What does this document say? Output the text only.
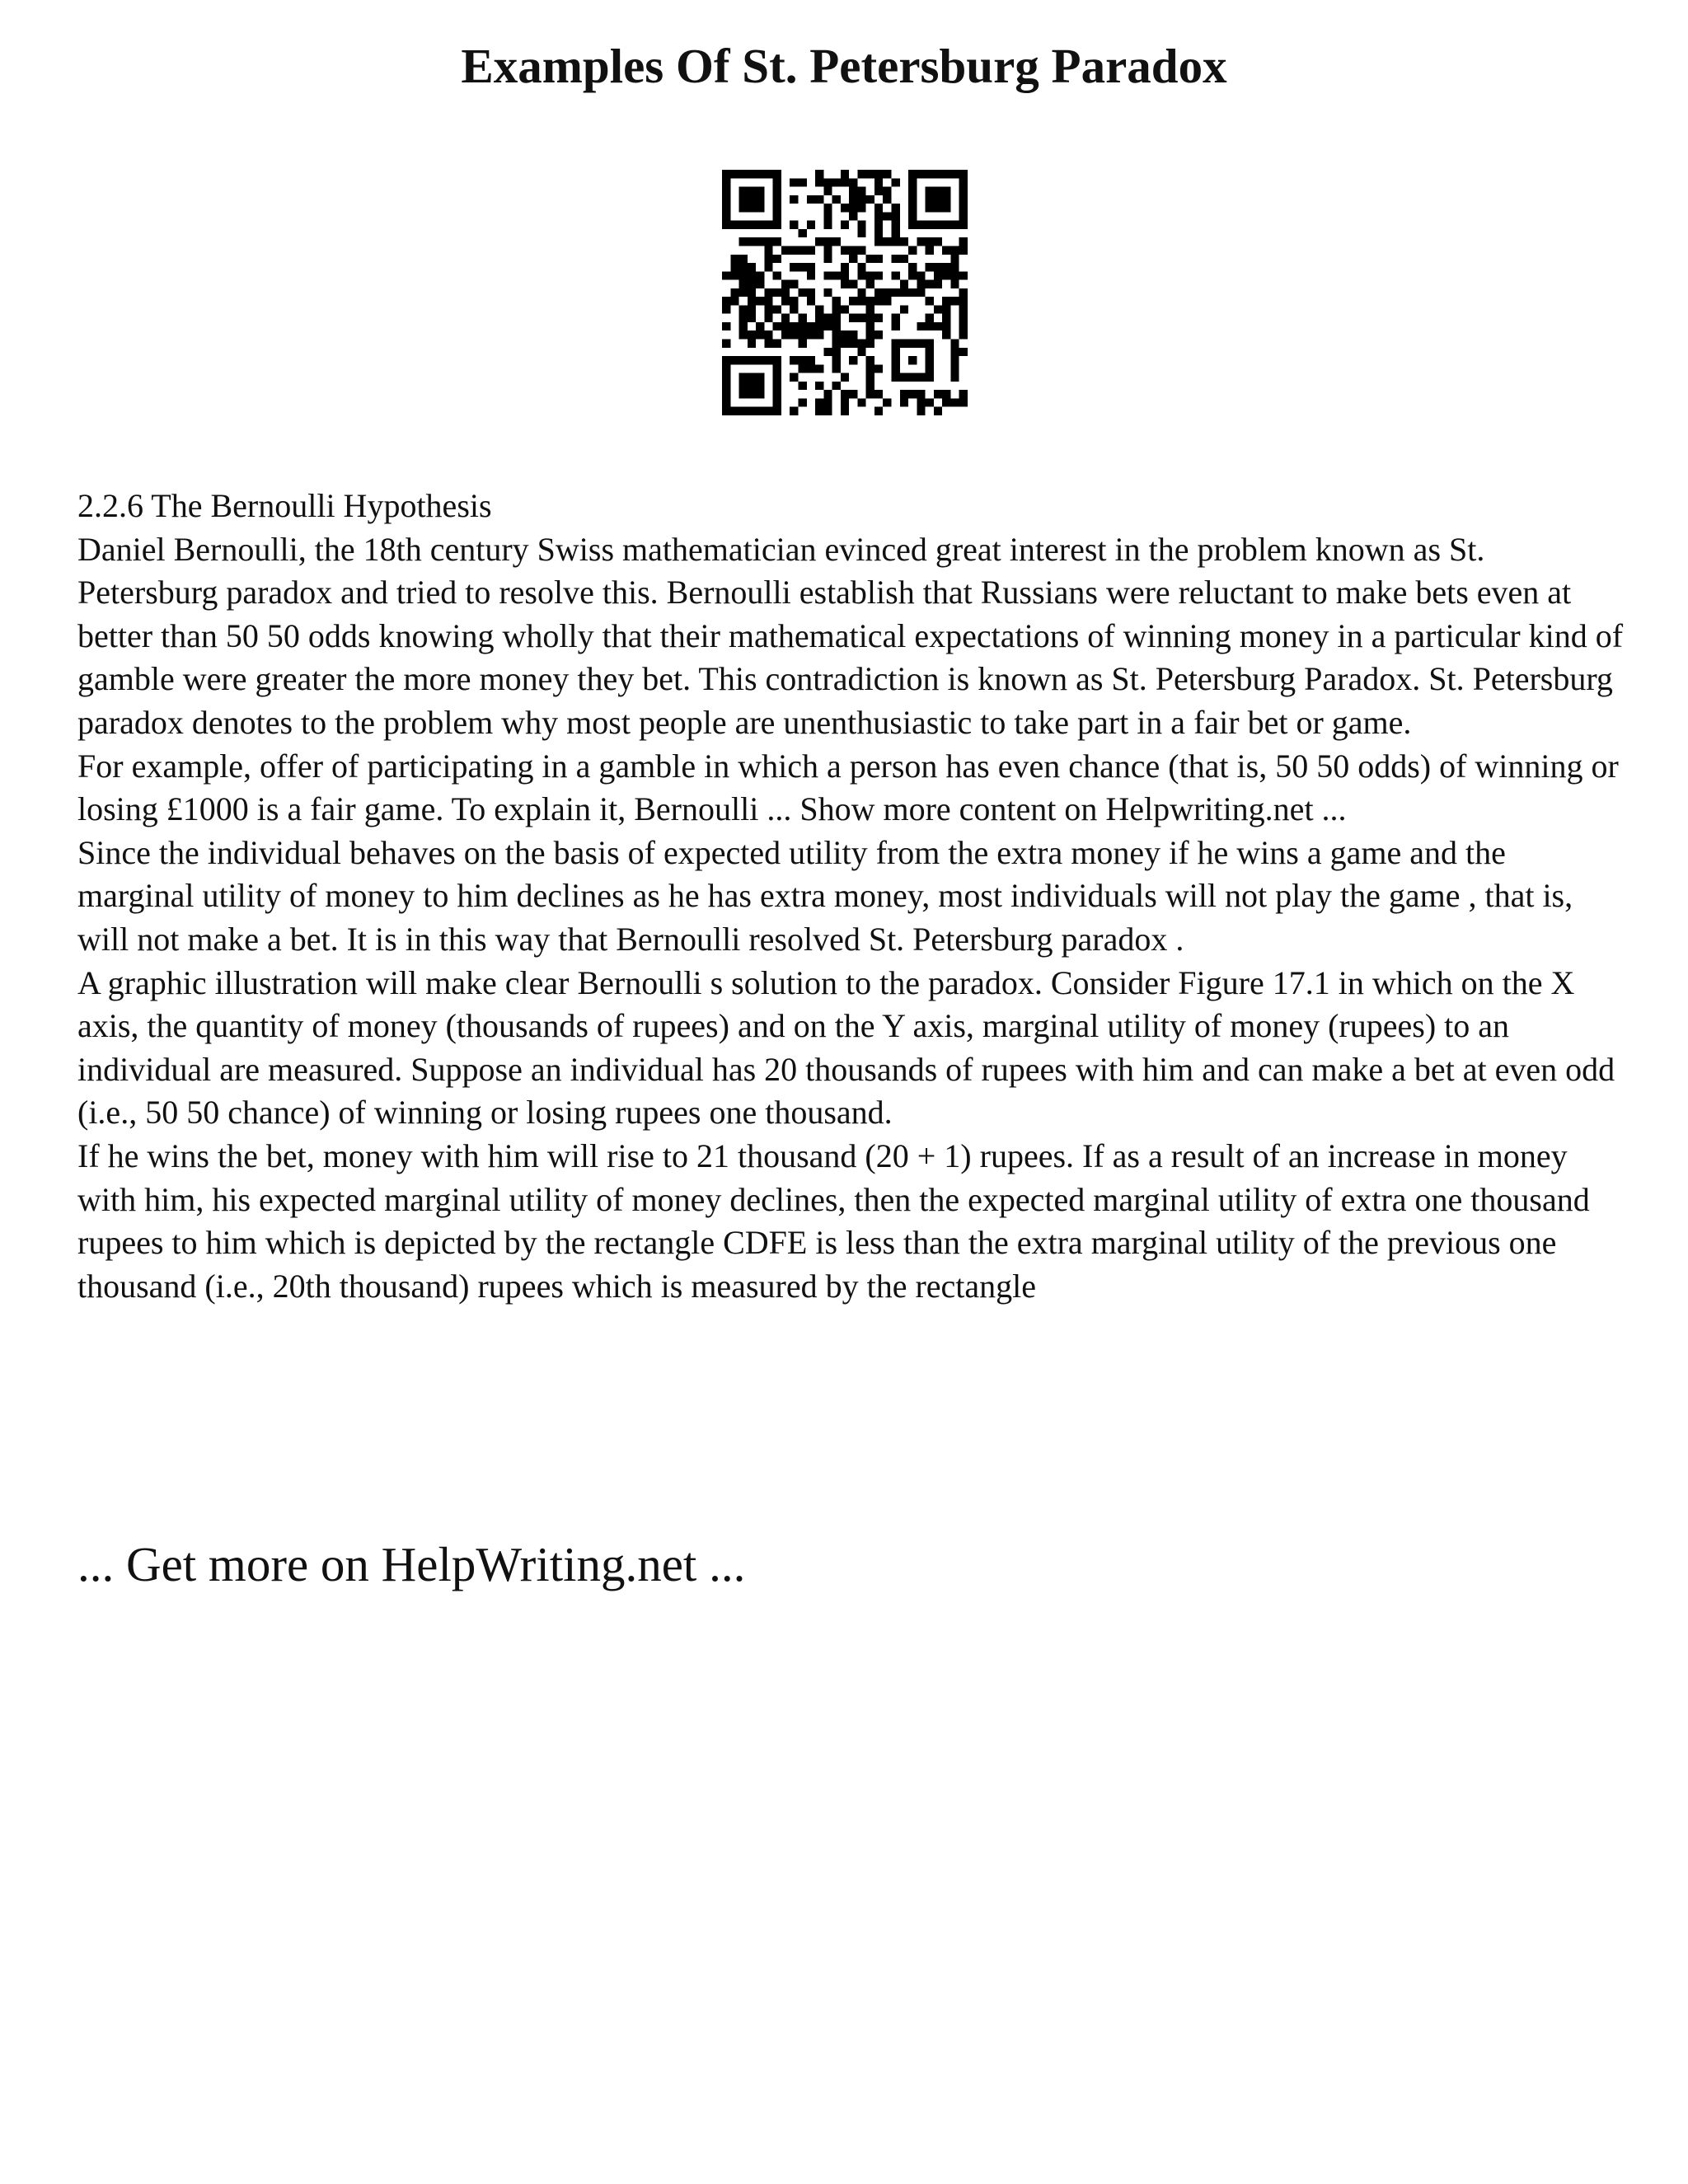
Examples Of St. Petersburg Paradox

2.2.6 The Bernoulli Hypothesis

Daniel Bernoulli, the 18th century Swiss mathematician evinced great interest in the problem known as St. Petersburg paradox and tried to resolve this. Bernoulli establish that Russians were reluctant to make bets even at better than 50 50 odds knowing wholly that their mathematical expectations of winning money in a particular kind of gamble were greater the more money they bet. This contradiction is known as St. Petersburg Paradox. St. Petersburg paradox denotes to the problem why most people are unenthusiastic to take part in a fair bet or game.

For example, offer of participating in a gamble in which a person has even chance (that is, 50 50 odds) of winning or losing £1000 is a fair game. To explain it, Bernoulli ... Show more content on Helpwriting.net ...

Since the individual behaves on the basis of expected utility from the extra money if he wins a game and the marginal utility of money to him declines as he has extra money, most individuals will not play the game , that is, will not make a bet. It is in this way that Bernoulli resolved St. Petersburg paradox .

A graphic illustration will make clear Bernoulli s solution to the paradox. Consider Figure 17.1 in which on the X axis, the quantity of money (thousands of rupees) and on the Y axis, marginal utility of money (rupees) to an individual are measured. Suppose an individual has 20 thousands of rupees with him and can make a bet at even odd (i.e., 50 50 chance) of winning or losing rupees one thousand.

If he wins the bet, money with him will rise to 21 thousand (20 + 1) rupees. If as a result of an increase in money with him, his expected marginal utility of money declines, then the expected marginal utility of extra one thousand rupees to him which is depicted by the rectangle CDFE is less than the extra marginal utility of the previous one thousand (i.e., 20th thousand) rupees which is measured by the rectangle

... Get more on HelpWriting.net ...
